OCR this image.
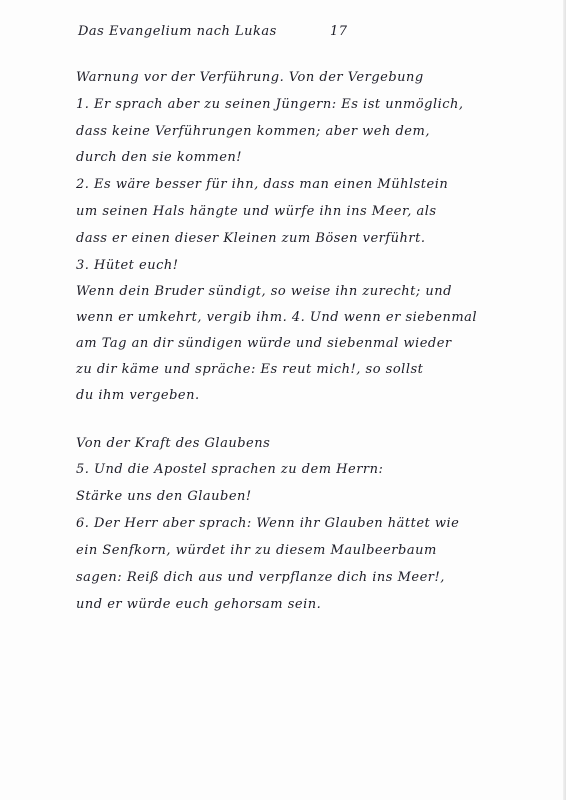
Das Evangelium nach Lukas	17
Warnung vor der Verführung. Von der Vergebung
1. Er sprach aber zu seinen Jüngern: Es ist unmöglich,
dass keine Verführungen kommen; aber weh dem,
durch den sie kommen!
2. Es wäre besser für ihn, dass man einen Mühlstein
um seinen Hals hängte und würfe ihn ins Meer, als
dass er einen dieser Kleinen zum Bösen verführt.
3. Hütet euch!
Wenn dein Bruder sündigt, so weise ihn zurecht; und
wenn er umkehrt, vergib ihm. 4. Und wenn er siebenmal
am Tag an dir sündigen würde und siebenmal wieder
zu dir käme und spräche: Es reut mich!, so sollst
du ihm vergeben.
Von der Kraft des Glaubens
5. Und die Apostel sprachen zu dem Herrn:
Stärke uns den Glauben!
6. Der Herr aber sprach: Wenn ihr Glauben hättet wie
ein Senfkorn, würdet ihr zu diesem Maulbeerbaum
sagen: Reiß dich aus und verpflanze dich ins Meer!,
und er würde euch gehorsam sein.
